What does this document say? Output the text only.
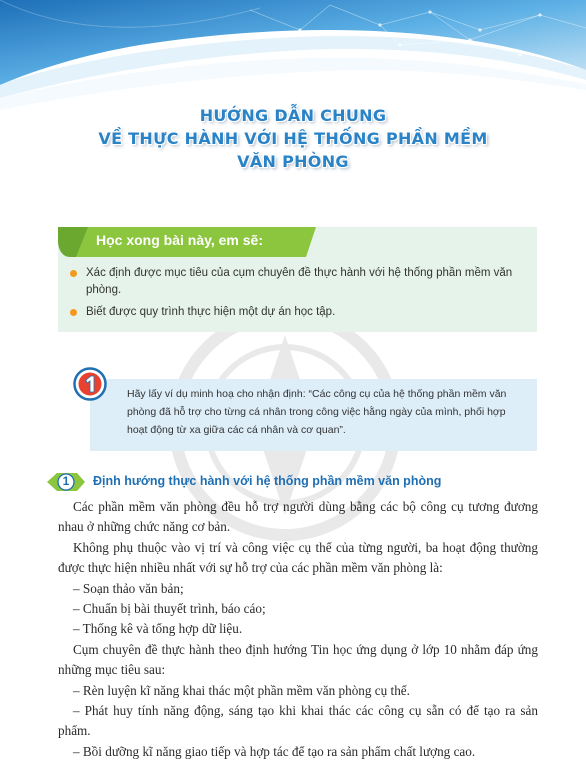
HƯỚNG DẪN CHUNG
VỀ THỰC HÀNH VỚI HỆ THỐNG PHẦN MỀM
VĂN PHÒNG
Học xong bài này, em sẽ:
Xác định được mục tiêu của cụm chuyên đề thực hành với hệ thống phần mềm văn phòng.
Biết được quy trình thực hiện một dự án học tập.
Hãy lấy ví dụ minh hoạ cho nhận định: “Các công cụ của hệ thống phần mềm văn phòng đã hỗ trợ cho từng cá nhân trong công việc hằng ngày của mình, phối hợp hoạt động từ xa giữa các cá nhân và cơ quan”.
1 Định hướng thực hành với hệ thống phần mềm văn phòng

Các phần mềm văn phòng đều hỗ trợ người dùng bằng các bộ công cụ tương đương nhau ở những chức năng cơ bản.

Không phụ thuộc vào vị trí và công việc cụ thể của từng người, ba hoạt động thường được thực hiện nhiều nhất với sự hỗ trợ của các phần mềm văn phòng là:

– Soạn thảo văn bản;

– Chuẩn bị bài thuyết trình, báo cáo;

– Thống kê và tổng hợp dữ liệu.

Cụm chuyên đề thực hành theo định hướng Tin học ứng dụng ở lớp 10 nhằm đáp ứng những mục tiêu sau:

– Rèn luyện kĩ năng khai thác một phần mềm văn phòng cụ thể.

– Phát huy tính năng động, sáng tạo khi khai thác các công cụ sẵn có để tạo ra sản phẩm.

– Bồi dưỡng kĩ năng giao tiếp và hợp tác để tạo ra sản phẩm chất lượng cao.
